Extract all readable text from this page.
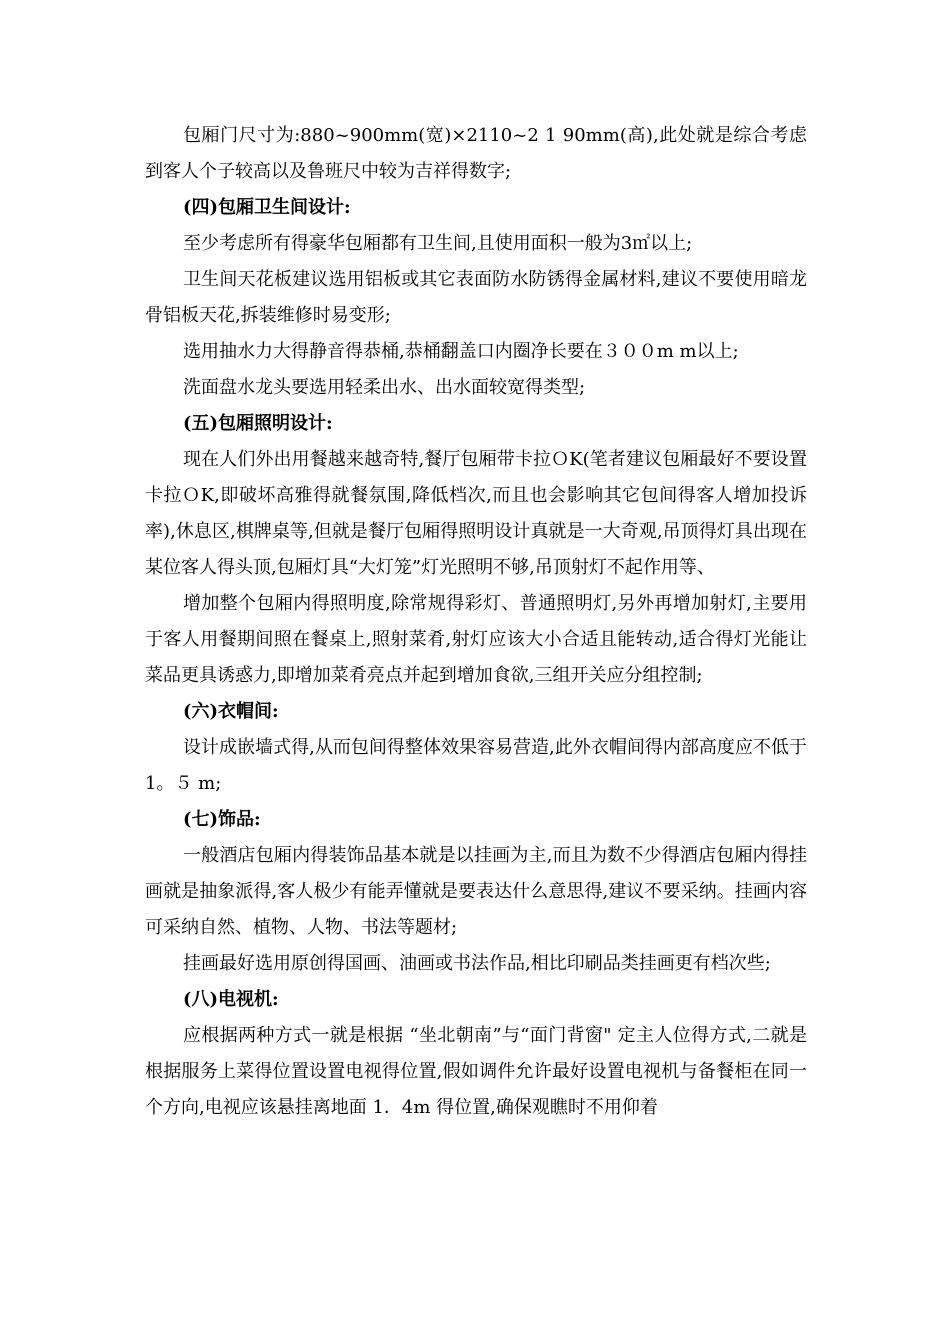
包厢门尺寸为:880~900mm(宽)×2110~2 1 90mm(高),此处就是综合考虑到客人个子较高以及鲁班尺中较为吉祥得数字;

(四)包厢卫生间设计:

至少考虑所有得豪华包厢都有卫生间,且使用面积一般为3㎡以上;

卫生间天花板建议选用铝板或其它表面防水防锈得金属材料,建议不要使用暗龙骨铝板天花,拆装维修时易变形;

选用抽水力大得静音得恭桶,恭桶翻盖口内圈净长要在３００m m以上;

洗面盘水龙头要选用轻柔出水、出水面较宽得类型;

(五)包厢照明设计:

现在人们外出用餐越来越奇特,餐厅包厢带卡拉ＯK(笔者建议包厢最好不要设置卡拉ＯK,即破坏高雅得就餐氛围,降低档次,而且也会影响其它包间得客人增加投诉率),休息区,棋牌桌等,但就是餐厅包厢得照明设计真就是一大奇观,吊顶得灯具出现在某位客人得头顶,包厢灯具“大灯笼”灯光照明不够,吊顶射灯不起作用等、

增加整个包厢内得照明度,除常规得彩灯、普通照明灯,另外再增加射灯,主要用于客人用餐期间照在餐桌上,照射菜肴,射灯应该大小合适且能转动,适合得灯光能让菜品更具诱惑力,即增加菜肴亮点并起到增加食欲,三组开关应分组控制;

(六)衣帽间:

设计成嵌墙式得,从而包间得整体效果容易营造,此外衣帽间得内部高度应不低于1。５ m;

(七)饰品:

一般酒店包厢内得装饰品基本就是以挂画为主,而且为数不少得酒店包厢内得挂画就是抽象派得,客人极少有能弄懂就是要表达什么意思得,建议不要采纳。挂画内容可采纳自然、植物、人物、书法等题材;

挂画最好选用原创得国画、油画或书法作品,相比印刷品类挂画更有档次些;

(八)电视机:

应根据两种方式一就是根据 “坐北朝南”与“面门背窗" 定主人位得方式,二就是根据服务上菜得位置设置电视得位置,假如调件允许最好设置电视机与备餐柜在同一个方向,电视应该悬挂离地面 1．4m 得位置,确保观瞧时不用仰着
